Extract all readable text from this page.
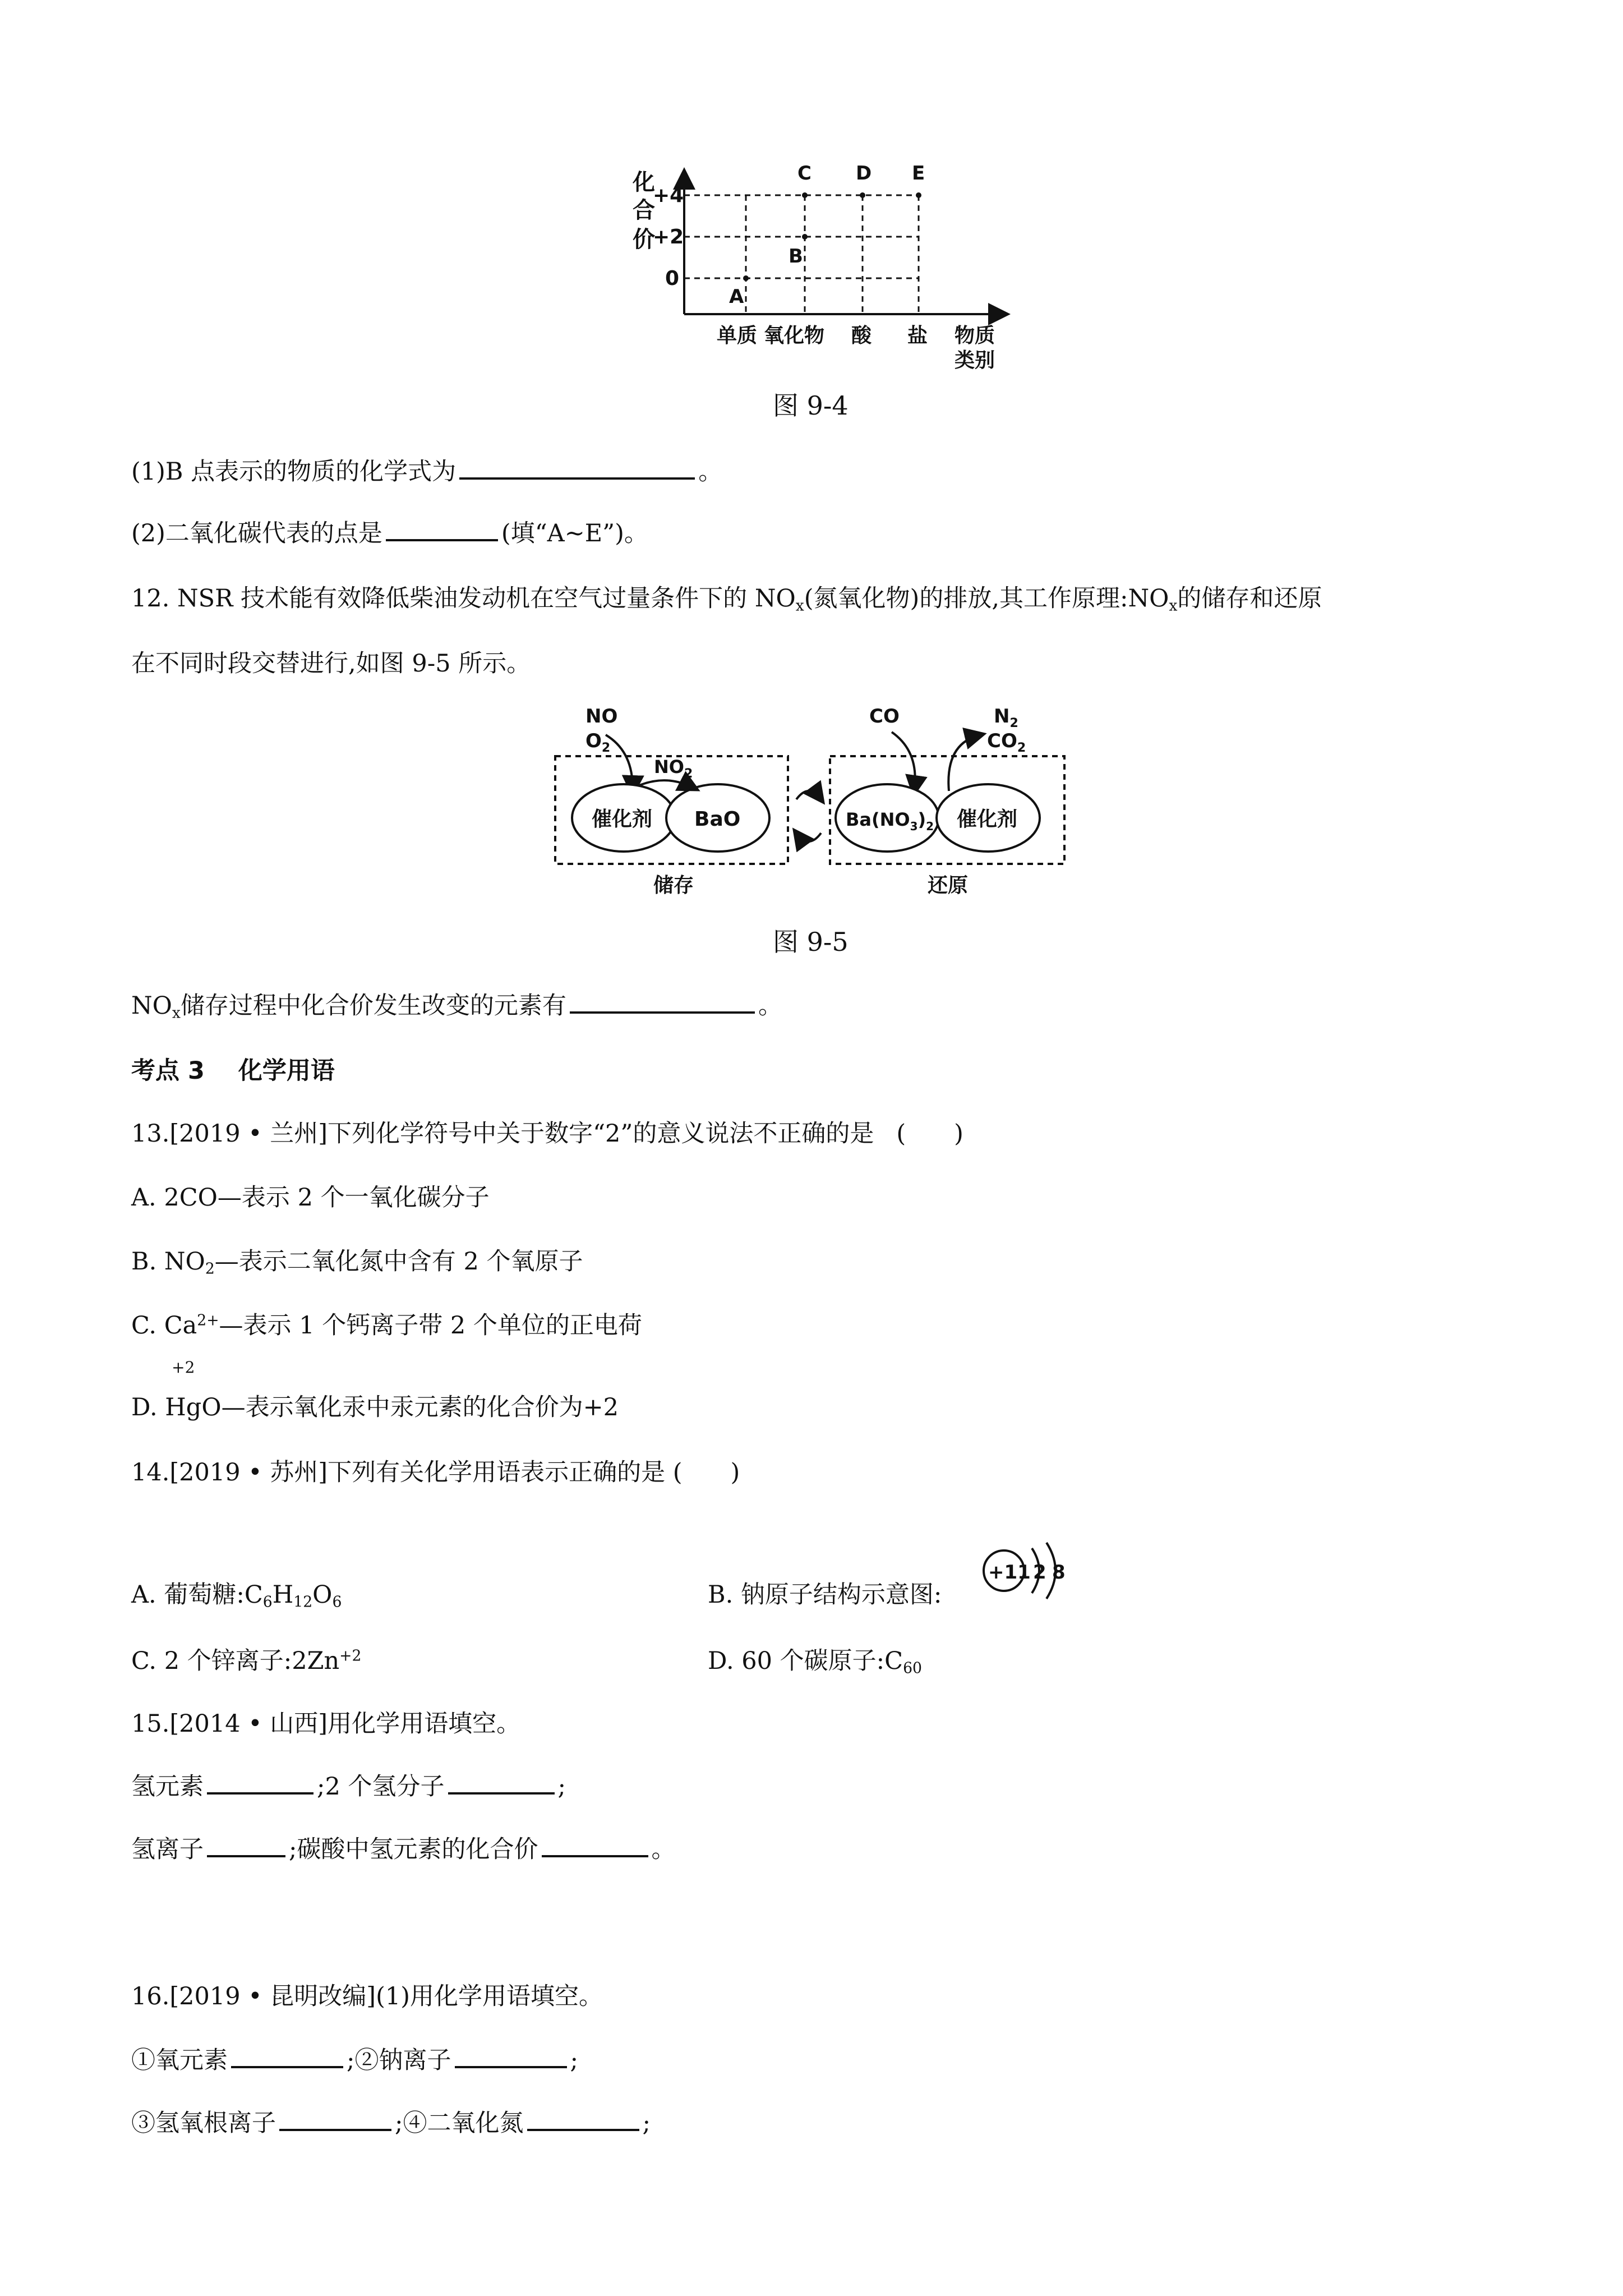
化
合
价
+4
+2
0
单质 氧化物 酸 盐 物质
类别
A
B
C D E
图 9-4
(1)B 点表示的物质的化学式为	。
(2)二氧化碳代表的点是	(填“A~E”)。
12. NSR 技术能有效降低柴油发动机在空气过量条件下的 $NO_x$(氮氧化物)的排放,其工作原理$:NO_x$的储存和还原
在不同时段交替进行,如图 9-5 所示。
NO
$O_2$
催化剂 BaO
$NO_2$
CO	$N_2$
$CO_2$
$Ba(NO_3)_2$ 催化剂
储存	还原
图 9-5
$NO_x$储存过程中化合价发生改变的元素有	。
考点 3 化学用语
13.[2019 • 兰州]下列化学符号中关于数字“2”的意义说法不正确的是 (　　)
A. 2CO—表示 2 个一氧化碳分子
B. $NO_2—$表示二氧化氮中含有 2 个氧原子
C. $Ca^{2+}—$表示 1 个钙离子带 2 个单位的正电荷
D. Hg
+2
O—表示氧化汞中汞元素的化合价为+2
14.[2019 • 苏州]下列有关化学用语表示正确的是 (　　)
A. 葡萄糖$:C_6H_{12}O_6$	B. 钠原子结构示意图:
+11 2 8
C. 2 个锌离子$:2Zn^{+2}$	D. 60 个碳原子$:C_{60}$
15.[2014 • 山西]用化学用语填空。
氢元素	;2 个氢分子	;
氢离子	;碳酸中氢元素的化合价	。
16.[2019 • 昆明改编](1)用化学用语填空。
①氧元素	;②钠离子	;
③氢氧根离子	;④二氧化氮	;
